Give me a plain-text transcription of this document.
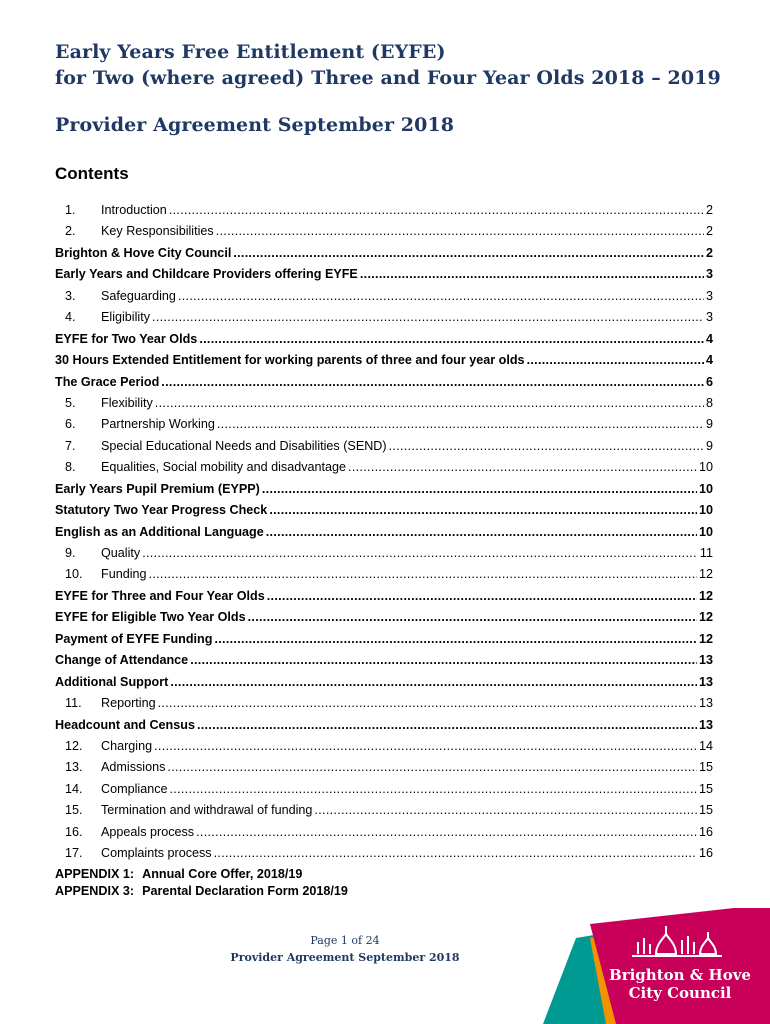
Early Years Free Entitlement (EYFE)
for Two (where agreed) Three and Four Year Olds 2018 – 2019
Provider Agreement September 2018
Contents
1.	Introduction .....	2
2.	Key Responsibilities .....	2
Brighton & Hove City Council .....	2
Early Years and Childcare Providers offering EYFE .....	3
3.	Safeguarding .....	3
4.	Eligibility .....	3
EYFE for Two Year Olds .....	4
30 Hours Extended Entitlement for working parents of three and four year olds .....	4
The Grace Period .....	6
5.	Flexibility .....	8
6.	Partnership Working .....	9
7.	Special Educational Needs and Disabilities (SEND) .....	9
8.	Equalities, Social mobility and disadvantage .....	10
Early Years Pupil Premium (EYPP) .....	10
Statutory Two Year Progress Check .....	10
English as an Additional Language .....	10
9.	Quality .....	11
10.	Funding .....	12
EYFE for Three and Four Year Olds .....	12
EYFE for Eligible Two Year Olds .....	12
Payment of EYFE Funding .....	12
Change of Attendance .....	13
Additional Support .....	13
11.	Reporting .....	13
Headcount and Census .....	13
12.	Charging .....	14
13.	Admissions .....	15
14.	Compliance .....	15
15.	Termination and withdrawal of funding .....	15
16.	Appeals process .....	16
17.	Complaints process .....	16
APPENDIX 1: Annual Core Offer, 2018/19
APPENDIX 3: Parental Declaration Form 2018/19
Page 1 of 24
Provider Agreement September 2018
Brighton & Hove
City Council
